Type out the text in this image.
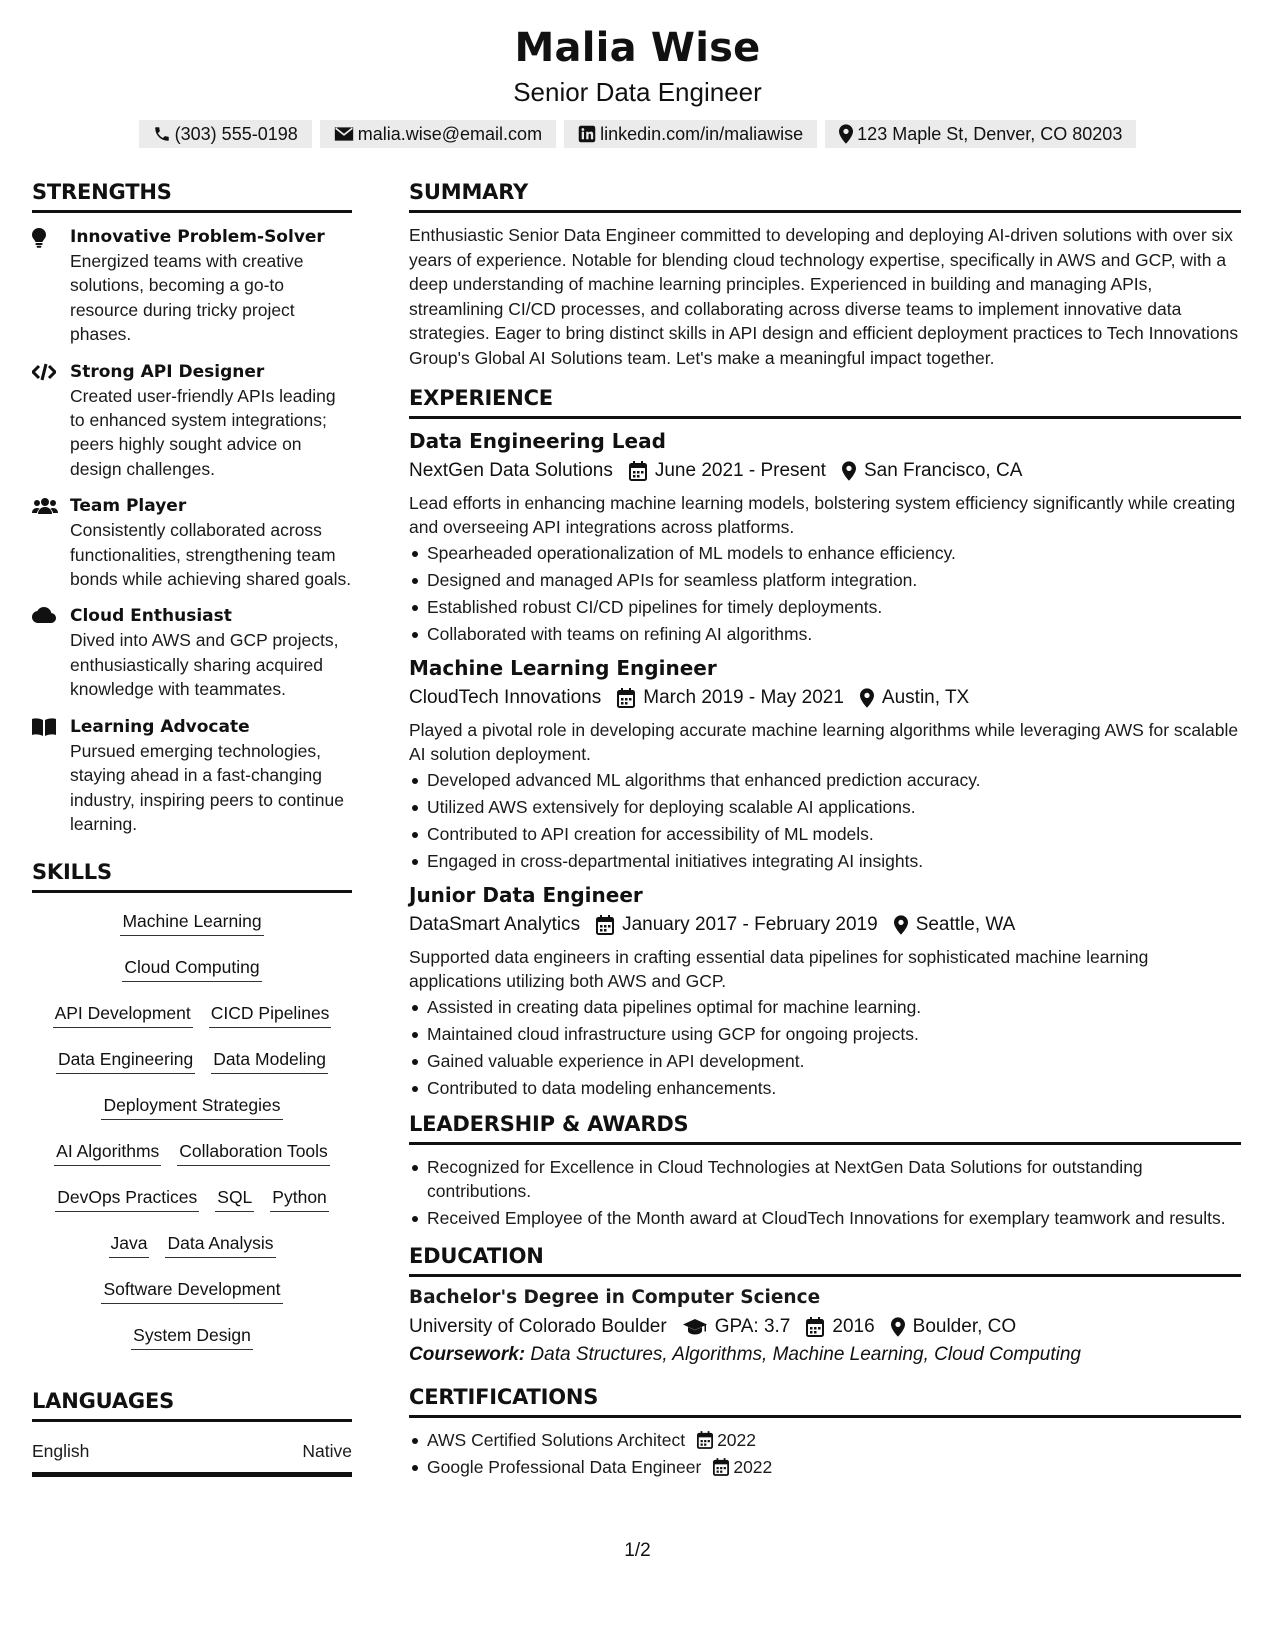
Malia Wise
Senior Data Engineer
(303) 555-0198	malia.wise@email.com	linkedin.com/in/maliawise	123 Maple St, Denver, CO 80203
STRENGTHS
Innovative Problem-Solver
Energized teams with creative solutions, becoming a go-to resource during tricky project phases.
Strong API Designer
Created user-friendly APIs leading to enhanced system integrations; peers highly sought advice on design challenges.
Team Player
Consistently collaborated across functionalities, strengthening team bonds while achieving shared goals.
Cloud Enthusiast
Dived into AWS and GCP projects, enthusiastically sharing acquired knowledge with teammates.
Learning Advocate
Pursued emerging technologies, staying ahead in a fast-changing industry, inspiring peers to continue learning.
SKILLS
Machine Learning
Cloud Computing
API Development CICD Pipelines
Data Engineering Data Modeling
Deployment Strategies
AI Algorithms Collaboration Tools
DevOps Practices SQL Python
Java Data Analysis
Software Development
System Design
LANGUAGES
English	Native
SUMMARY
Enthusiastic Senior Data Engineer committed to developing and deploying AI-driven solutions with over six years of experience. Notable for blending cloud technology expertise, specifically in AWS and GCP, with a deep understanding of machine learning principles. Experienced in building and managing APIs, streamlining CI/CD processes, and collaborating across diverse teams to implement innovative data strategies. Eager to bring distinct skills in API design and efficient deployment practices to Tech Innovations Group's Global AI Solutions team. Let's make a meaningful impact together.
EXPERIENCE
Data Engineering Lead
NextGen Data Solutions June 2021 - Present San Francisco, CA
Lead efforts in enhancing machine learning models, bolstering system efficiency significantly while creating and overseeing API integrations across platforms.
Spearheaded operationalization of ML models to enhance efficiency.
Designed and managed APIs for seamless platform integration.
Established robust CI/CD pipelines for timely deployments.
Collaborated with teams on refining AI algorithms.
Machine Learning Engineer
CloudTech Innovations March 2019 - May 2021 Austin, TX
Played a pivotal role in developing accurate machine learning algorithms while leveraging AWS for scalable AI solution deployment.
Developed advanced ML algorithms that enhanced prediction accuracy.
Utilized AWS extensively for deploying scalable AI applications.
Contributed to API creation for accessibility of ML models.
Engaged in cross-departmental initiatives integrating AI insights.
Junior Data Engineer
DataSmart Analytics January 2017 - February 2019 Seattle, WA
Supported data engineers in crafting essential data pipelines for sophisticated machine learning applications utilizing both AWS and GCP.
Assisted in creating data pipelines optimal for machine learning.
Maintained cloud infrastructure using GCP for ongoing projects.
Gained valuable experience in API development.
Contributed to data modeling enhancements.
LEADERSHIP & AWARDS
Recognized for Excellence in Cloud Technologies at NextGen Data Solutions for outstanding contributions.
Received Employee of the Month award at CloudTech Innovations for exemplary teamwork and results.
EDUCATION
Bachelor's Degree in Computer Science
University of Colorado Boulder	GPA: 3.7 2016 Boulder, CO
Coursework: Data Structures, Algorithms, Machine Learning, Cloud Computing
CERTIFICATIONS
AWS Certified Solutions Architect 2022
Google Professional Data Engineer 2022
1/2
